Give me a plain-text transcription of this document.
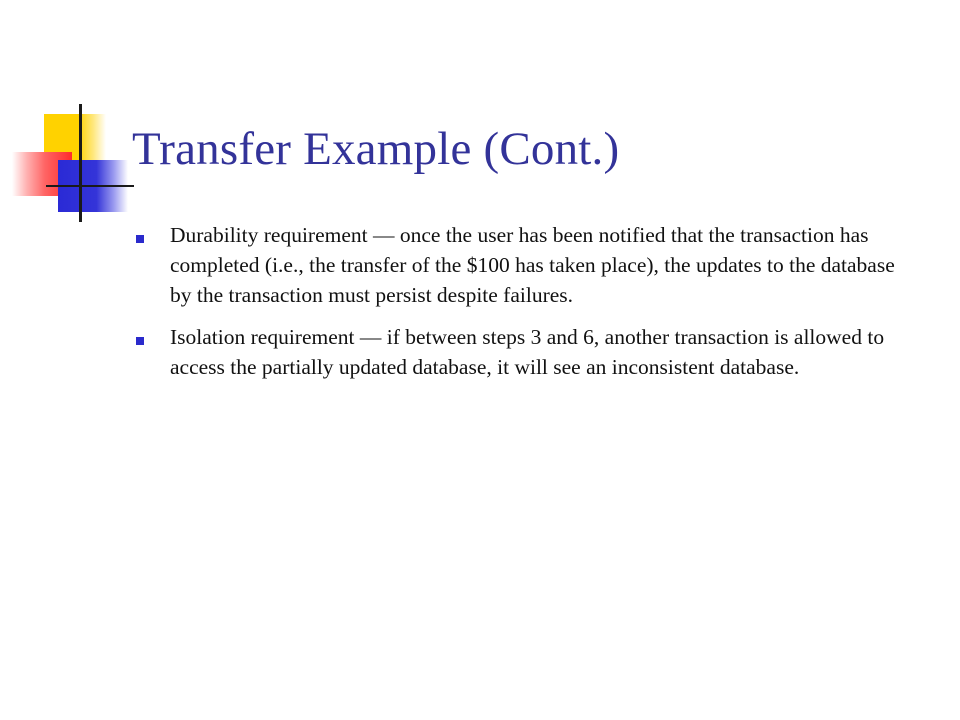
Transfer Example (Cont.)
Durability requirement — once the user has been notified that the transaction has completed (i.e., the transfer of the $100 has taken place), the updates to the database by the transaction must persist despite failures.
Isolation requirement — if between steps 3 and 6, another transaction is allowed to access the partially updated database, it will see an inconsistent database.
